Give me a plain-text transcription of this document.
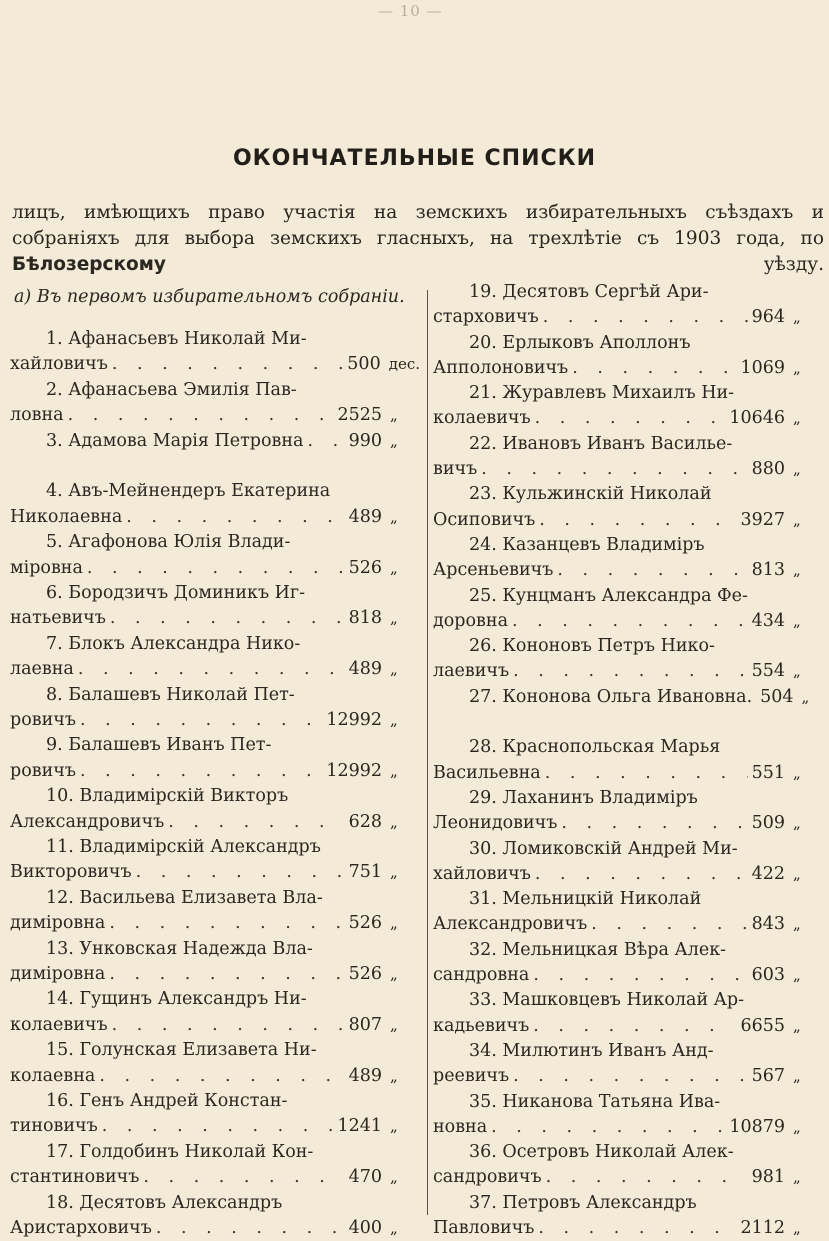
— 10 —
ОКОНЧАТЕЛЬНЫЕ СПИСКИ
лицъ, имѣющихъ право участія на земскихъ избирательныхъ съѣздахъ и собраніяхъ для выбора земскихъ гласныхъ, на трехлѣтіе съ 1903 года, по Бѣлозерскому уѣзду.
а) Въ первомъ избирательномъ собраніи.
1. Афанасьевъ Николай Ми-
хайловичъ . . .	500 дес.
2. Афанасьева Эмилія Пав-
ловна . . .	2525 „
3. Адамова Марія Петровна . . .	990 „
4. Авъ-Мейнендеръ Екатерина
Николаевна . . .	489 „
5. Агафонова Юлія Влади-
міровна . . .	526 „
6. Бородзичъ Доминикъ Иг-
натьевичъ . . .	818 „
7. Блокъ Александра Нико-
лаевна . . .	489 „
8. Балашевъ Николай Пет-
ровичъ . . .	12992 „
9. Балашевъ Иванъ Пет-
ровичъ . . .	12992 „
10. Владимірскій Викторъ
Александровичъ . . .	628 „
11. Владимірскій Александръ
Викторовичъ . . .	751 „
12. Васильева Елизавета Вла-
диміровна . . .	526 „
13. Унковская Надежда Вла-
диміровна . . .	526 „
14. Гущинъ Александръ Ни-
колаевичъ . . .	807 „
15. Голунская Елизавета Ни-
колаевна . . .	489 „
16. Генъ Андрей Констан-
тиновичъ . . .	1241 „
17. Голдобинъ Николай Кон-
стантиновичъ . . .	470 „
18. Десятовъ Александръ
Аристарховичъ . . .	400 „
19. Десятовъ Сергѣй Ари-
старховичъ . . .	964 „
20. Ерлыковъ Аполлонъ
Апполоновичъ . . .	1069 „
21. Журавлевъ Михаилъ Ни-
колаевичъ . . .	10646 „
22. Ивановъ Иванъ Василье-
вичъ . . .	880 „
23. Кульжинскій Николай
Осиповичъ . . .	3927 „
24. Казанцевъ Владиміръ
Арсеньевичъ . . .	813 „
25. Кунцманъ Александра Фе-
доровна . . .	434 „
26. Кононовъ Петръ Нико-
лаевичъ . . .	554 „
27. Кононова Ольга Ивановна. . . . 504 „
28. Краснопольская Марья
Васильевна . . .	551 „
29. Лаханинъ Владиміръ
Леонидовичъ . . .	509 „
30. Ломиковскій Андрей Ми-
хайловичъ . . .	422 „
31. Мельницкій Николай
Александровичъ . . .	843 „
32. Мельницкая Вѣра Алек-
сандровна . . .	603 „
33. Машковцевъ Николай Ар-
кадьевичъ . . .	6655 „
34. Милютинъ Иванъ Анд-
реевичъ . . .	567 „
35. Никанова Татьяна Ива-
новна . . .	10879 „
36. Осетровъ Николай Алек-
сандровичъ . . .	981 „
37. Петровъ Александръ
Павловичъ . . .	2112 „
